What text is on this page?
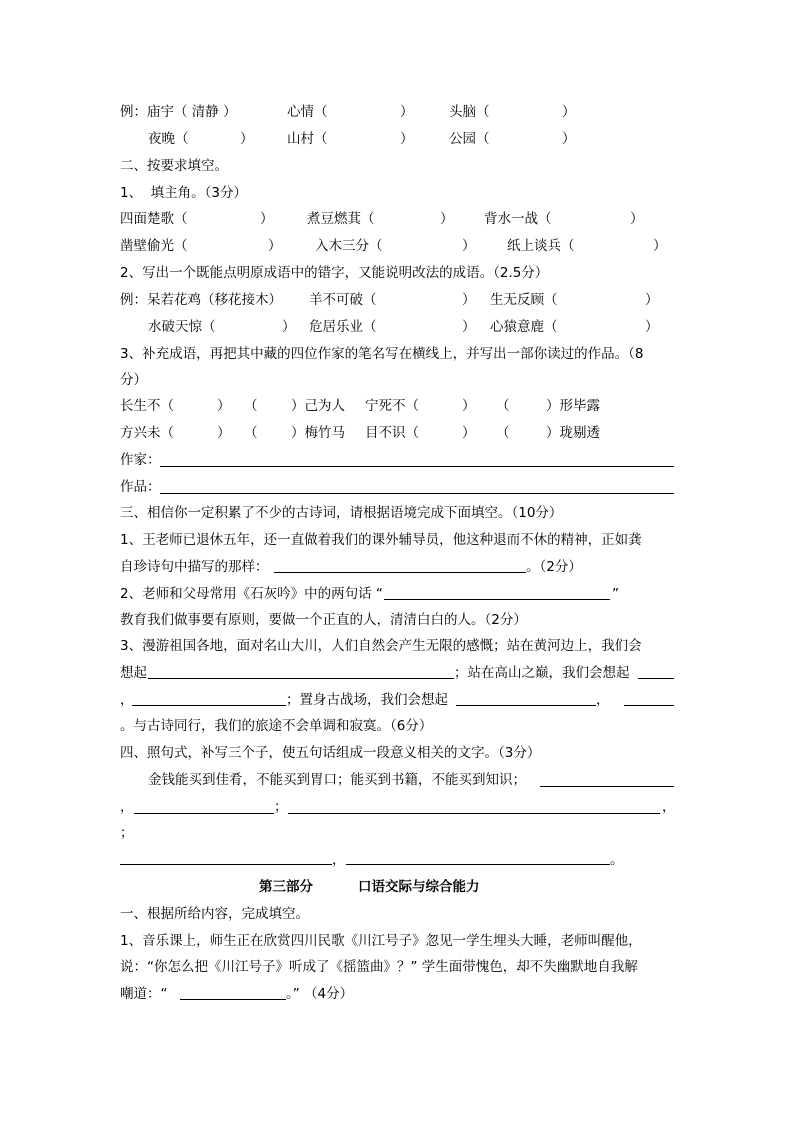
例：庙宇（ 清静 ）	心情（	）	头脑（	）
夜晚（	） 山村（	）	公园（	）
二、按要求填空。
1、  填主角。（3分）
四面楚歌（	） 煮豆燃萁（	） 背水一战（	）
凿壁偷光（	） 入木三分（	） 纸上谈兵（	）
2、写出一个既能点明原成语中的错字，又能说明改法的成语。（2.5分）
例：呆若花鸡（移花接木） 羊不可破（	） 生无反顾（	）
水破天惊（	） 危居乐业（	） 心猿意鹿（	）
3、补充成语，再把其中藏的四位作家的笔名写在横线上，并写出一部你读过的作品。（8
分）
长生不（	） （ ）己为人 宁死不（	） （	）形毕露
方兴未（	） （ ）梅竹马 目不识（	） （	）珑剔透
作家：
作品：
三、相信你一定积累了不少的古诗词，请根据语境完成下面填空。（10分）
1、王老师已退休五年，还一直做着我们的课外辅导员，他这种退而不休的精神，正如龚
自珍诗句中描写的那样：	。（2分）
2、老师和父母常用《石灰吟》中的两句话 “	”
教育我们做事要有原则，要做一个正直的人，清清白白的人。（2分）
3、漫游祖国各地，面对名山大川，人们自然会产生无限的感慨；站在黄河边上，我们会
想起	；站在高山之巅，我们会想起
，	；置身古战场，我们会想起	，
。与古诗同行，我们的旅途不会单调和寂寞。（6分）
四、照句式，补写三个子，使五句话组成一段意义相关的文字。（3分）
金钱能买到佳肴，不能买到胃口；能买到书籍，不能买到知识；
，	；	，
；
，	。
第三部分	口语交际与综合能力
一、根据所给内容，完成填空。
1、音乐课上，师生正在欣赏四川民歌《川江号子》忽见一学生埋头大睡，老师叫醒他，
说：“你怎么把《川江号子》听成了《摇篮曲》？” 学生面带愧色，却不失幽默地自我解
嘲道：“	。” （4分）
